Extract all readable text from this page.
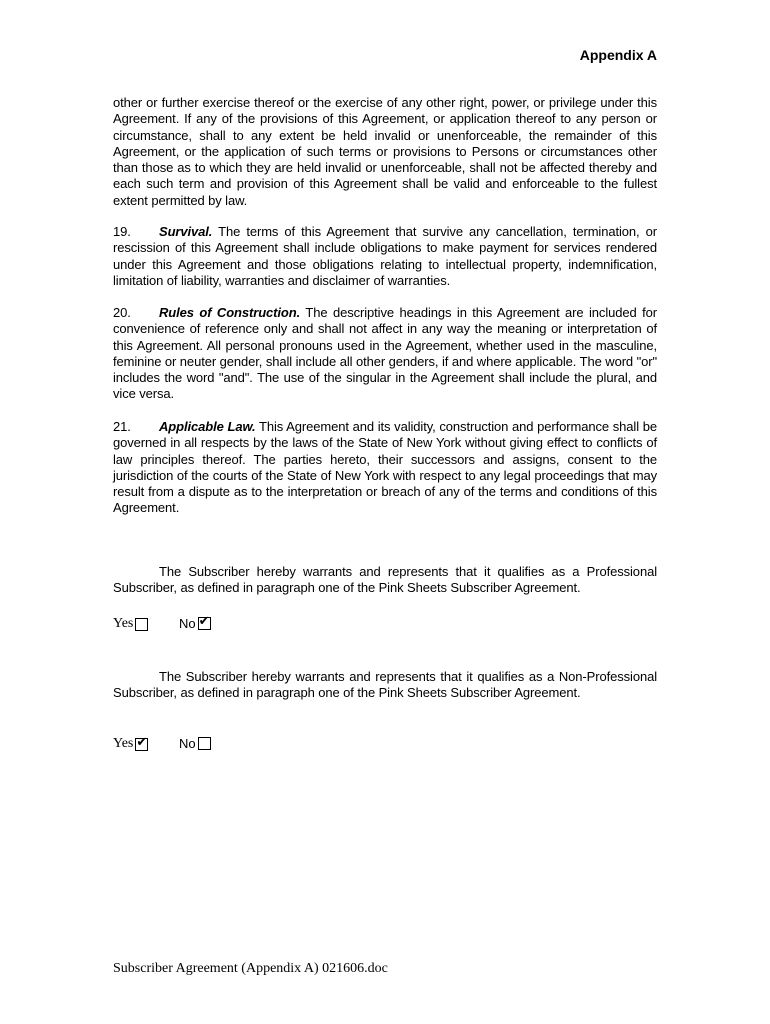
Appendix A
other or further exercise thereof or the exercise of any other right, power, or privilege under this Agreement. If any of the provisions of this Agreement, or application thereof to any person or circumstance, shall to any extent be held invalid or unenforceable, the remainder of this Agreement, or the application of such terms or provisions to Persons or circumstances other than those as to which they are held invalid or unenforceable, shall not be affected thereby and each such term and provision of this Agreement shall be valid and enforceable to the fullest extent permitted by law.
19. Survival. The terms of this Agreement that survive any cancellation, termination, or rescission of this Agreement shall include obligations to make payment for services rendered under this Agreement and those obligations relating to intellectual property, indemnification, limitation of liability, warranties and disclaimer of warranties.
20. Rules of Construction. The descriptive headings in this Agreement are included for convenience of reference only and shall not affect in any way the meaning or interpretation of this Agreement. All personal pronouns used in the Agreement, whether used in the masculine, feminine or neuter gender, shall include all other genders, if and where applicable. The word "or" includes the word "and". The use of the singular in the Agreement shall include the plural, and vice versa.
21. Applicable Law. This Agreement and its validity, construction and performance shall be governed in all respects by the laws of the State of New York without giving effect to conflicts of law principles thereof. The parties hereto, their successors and assigns, consent to the jurisdiction of the courts of the State of New York with respect to any legal proceedings that may result from a dispute as to the interpretation or breach of any of the terms and conditions of this Agreement.
The Subscriber hereby warrants and represents that it qualifies as a Professional Subscriber, as defined in paragraph one of the Pink Sheets Subscriber Agreement.
Yes	No ✔
The Subscriber hereby warrants and represents that it qualifies as a Non-Professional Subscriber, as defined in paragraph one of the Pink Sheets Subscriber Agreement.
Yes ✔ No
Subscriber Agreement (Appendix A) 021606.doc
